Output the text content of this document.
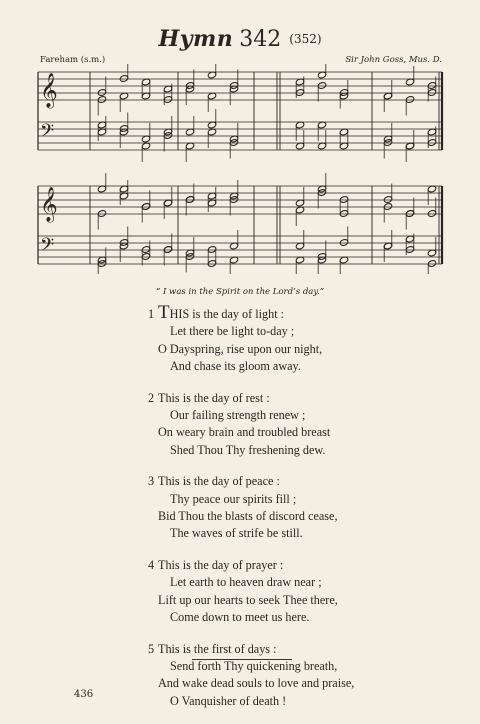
Hymn 342 (352)
Fareham (s.m.)	Sir John Goss, Mus. D.
𝄞
𝄢
𝄞
𝄢
“ I was in the Spirit on the Lord’s day.”
1 THIS is the day of light :
Let there be light to-day ;
O Dayspring, rise upon our night,
And chase its gloom away.
2 This is the day of rest :
Our failing strength renew ;
On weary brain and troubled breast
Shed Thou Thy freshening dew.
3 This is the day of peace :
Thy peace our spirits fill ;
Bid Thou the blasts of discord cease,
The waves of strife be still.
4 This is the day of prayer :
Let earth to heaven draw near ;
Lift up our hearts to seek Thee there,
Come down to meet us here.
5 This is the first of days :
Send forth Thy quickening breath,
And wake dead souls to love and praise,
O Vanquisher of death !
436
